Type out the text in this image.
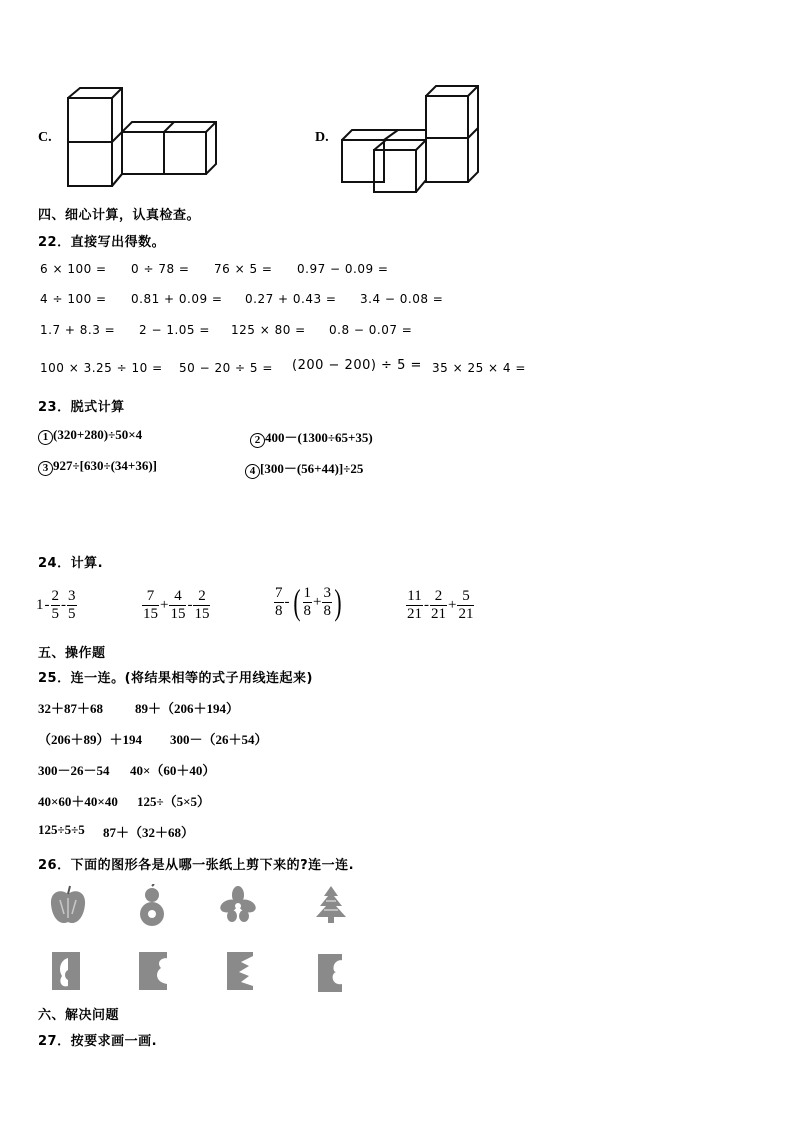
C.	D.
四、细心计算，认真检查。
22．直接写出得数。
6 × 100 = 0 ÷ 78 = 76 × 5 = 0.97 − 0.09 =
4 ÷ 100 = 0.81 + 0.09 = 0.27 + 0.43 = 3.4 − 0.08 =
1.7 + 8.3 = 2 − 1.05 = 125 × 80 = 0.8 − 0.07 =
100 × 3.25 ÷ 10 = 50 − 20 ÷ 5 = (200 − 200) ÷ 5 = 35 × 25 × 4 =
23．脱式计算
1 (320+280)÷50×4	2 400－(1300÷65+35)
3 927÷[630÷(34+36)]	4 [300－(56+44)]÷25
24．计算.
$1 - \frac{2}{5} - \frac{3}{5}$	$\frac{7}{15} + \frac{4}{15} - \frac{2}{15}$	$\frac{7}{8}$ - ( $\frac{1}{8} + \frac{3}{8}$ )	$\frac{11}{21} - \frac{2}{21} + \frac{5}{21}$
五、操作题
25．连一连。(将结果相等的式子用线连起来)
32＋87＋68 89＋（206＋194）
（206＋89）＋194 300－（26＋54）
300－26－54 40×（60＋40）
40×60＋40×40 125÷（5×5）
125÷5÷5 87＋（32＋68）
26．下面的图形各是从哪一张纸上剪下来的?连一连.
六、解决问题
27．按要求画一画.
